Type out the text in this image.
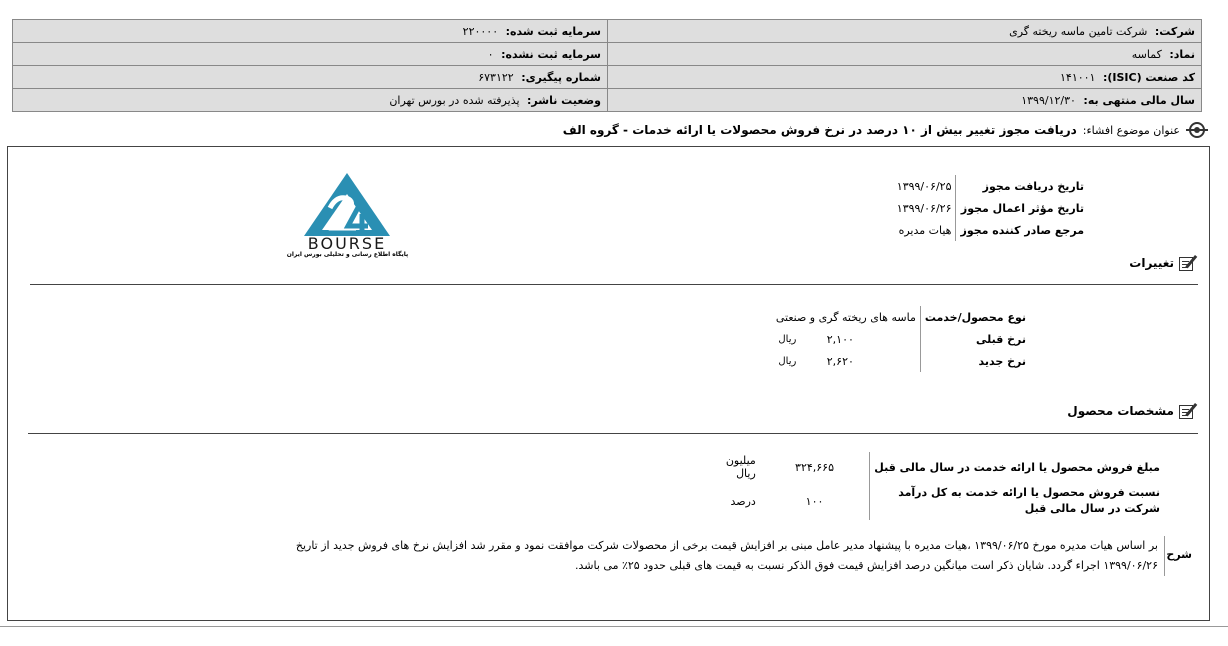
شرکت: شرکت تامین ماسه ریخته گری	سرمایه ثبت شده: ۲۲۰۰۰۰
نماد: کماسه	سرمایه ثبت نشده: ۰
کد صنعت (ISIC): ۱۴۱۰۰۱	شماره پیگیری: ۶۷۳۱۲۲
سال مالی منتهی به: ۱۳۹۹/۱۲/۳۰	وضعیت ناشر: پذیرفته شده در بورس تهران
عنوان موضوع افشاء:
دریافت مجوز تغییر بیش از ۱۰ درصد در نرخ فروش محصولات یا ارائه خدمات - گروه الف
BOURSE
پایگاه اطلاع رسانی و تحلیلی بورس ایران
تاریخ دریافت مجوز	۱۳۹۹/۰۶/۲۵
تاریخ مؤثر اعمال مجوز	۱۳۹۹/۰۶/۲۶
مرجع صادر کننده مجوز	هیات مدیره
تغییرات
نوع محصول/خدمت	ماسه های ریخته گری و صنعتی		
نرخ قبلی		۲,۱۰۰	ریال
نرخ جدید		۲,۶۲۰	ریال
مشخصات محصول
مبلغ فروش محصول یا ارائه خدمت در سال مالی قبل	۳۲۴,۶۶۵	میلیون ریال	

نسبت فروش محصول یا ارائه خدمت به کل درآمد
شرکت در سال مالی قبل	۱۰۰	درصد	
شرح
بر اساس هیات مدیره مورخ ۱۳۹۹/۰۶/۲۵ ،هیات مدیره با پیشنهاد مدیر عامل مبنی بر افزایش قیمت برخی از محصولات شرکت موافقت نمود و مقرر شد افزایش نرخ های فروش جدید از تاریخ
۱۳۹۹/۰۶/۲۶ اجراء گردد. شایان ذکر است میانگین درصد افزایش قیمت فوق الذکر نسبت به قیمت های قبلی حدود ۲۵٪ می باشد.
